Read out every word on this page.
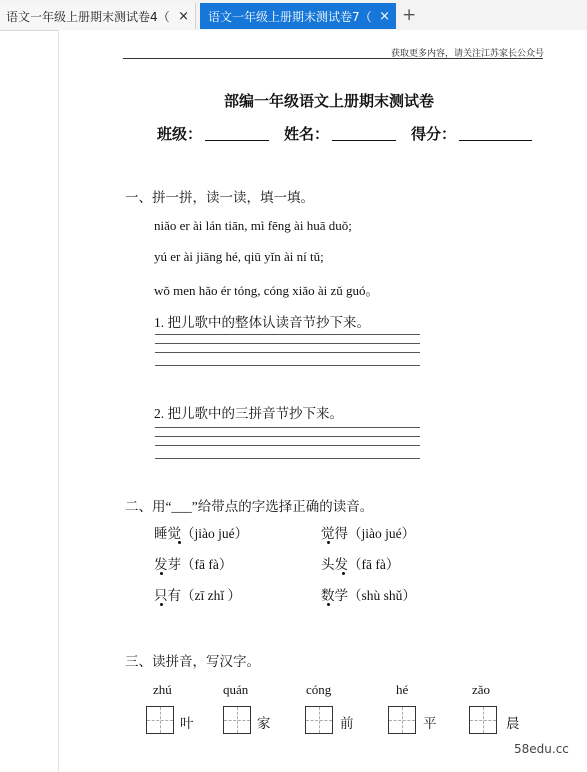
语文一年级上册期末测试卷4（ ×	语文一年级上册期末测试卷7（ × +
获取更多内容，请关注江苏家长公众号
部编一年级语文上册期末测试卷
班级：	姓名：	得分：
一、拼一拼，读一读，填一填。
niǎo er ài lán tiān, mì fēng ài huā duǒ;
yú er ài jiāng hé, qiū yǐn ài ní tǔ;
wǒ men hǎo ér tóng, cóng xiǎo ài zǔ guó。
1. 把儿歌中的整体认读音节抄下来。
2. 把儿歌中的三拼音节抄下来。
二、用“___”给带点的字选择正确的读音。
睡觉（jiào jué）	觉得（jiào jué）
发芽（fā fà）	头发（fā fà）
只有（zī zhǐ ）	数学（shù shǔ）
三、读拼音，写汉字。
zhú	quán	cóng	hé	zǎo
叶	家	前	平	晨
58edu.cc
